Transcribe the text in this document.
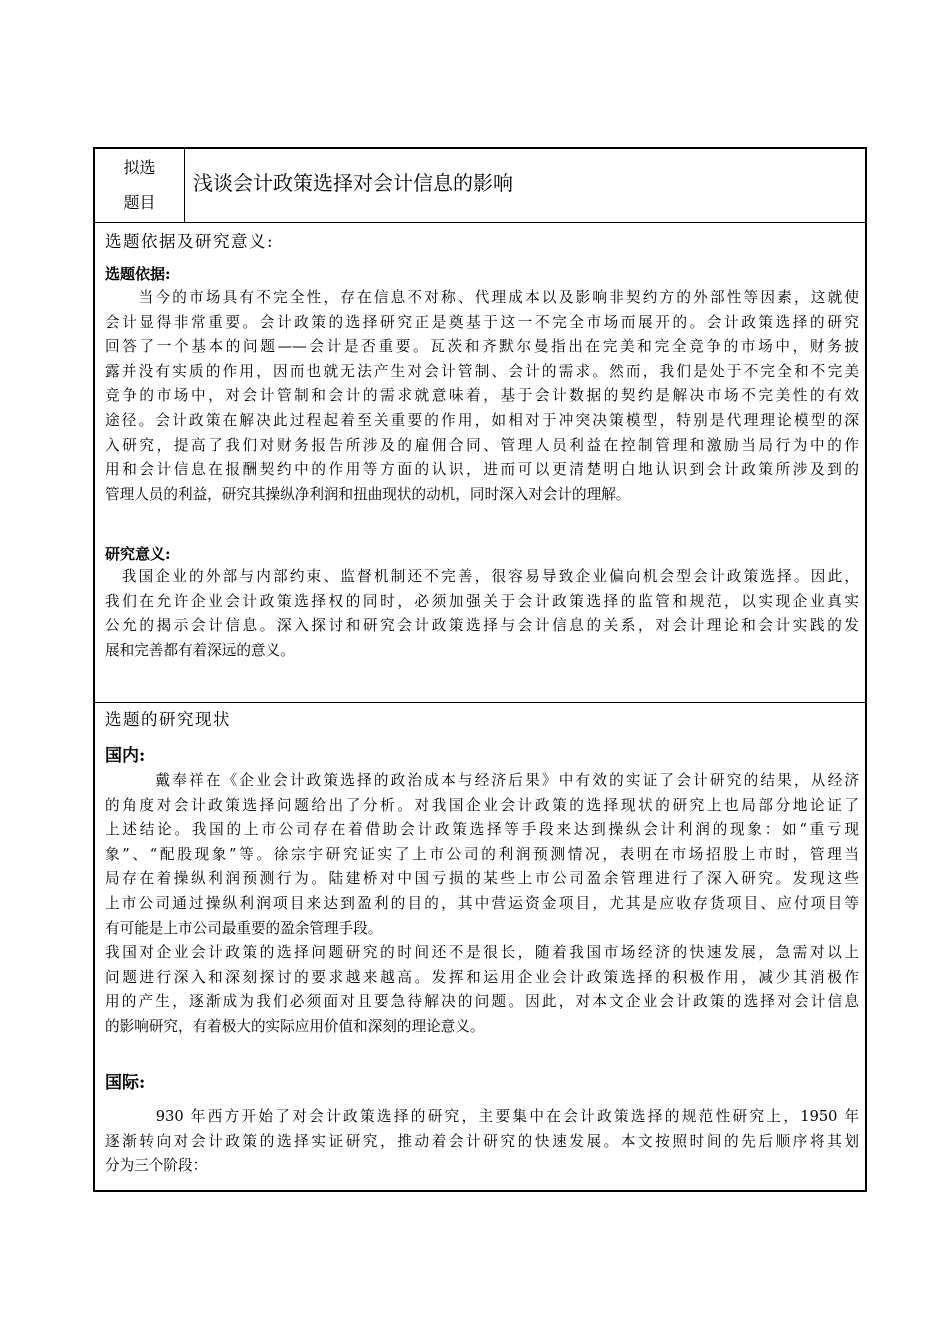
拟选
题目
浅谈会计政策选择对会计信息的影响
选题依据及研究意义:
选题依据:
　　当今的市场具有不完全性，存在信息不对称、代理成本以及影响非契约方的外部性等因素，这就使
会计显得非常重要。会计政策的选择研究正是奠基于这一不完全市场而展开的。会计政策选择的研究
回答了一个基本的问题——会计是否重要。瓦茨和齐默尔曼指出在完美和完全竞争的市场中，财务披
露并没有实质的作用，因而也就无法产生对会计管制、会计的需求。然而，我们是处于不完全和不完美
竞争的市场中，对会计管制和会计的需求就意味着，基于会计数据的契约是解决市场不完美性的有效
途径。会计政策在解决此过程起着至关重要的作用，如相对于冲突决策模型，特别是代理理论模型的深
入研究，提高了我们对财务报告所涉及的雇佣合同、管理人员利益在控制管理和激励当局行为中的作
用和会计信息在报酬契约中的作用等方面的认识，进而可以更清楚明白地认识到会计政策所涉及到的
管理人员的利益，研究其操纵净利润和扭曲现状的动机，同时深入对会计的理解。
研究意义:
　我国企业的外部与内部约束、监督机制还不完善，很容易导致企业偏向机会型会计政策选择。因此，
我们在允许企业会计政策选择权的同时，必须加强关于会计政策选择的监管和规范，以实现企业真实
公允的揭示会计信息。深入探讨和研究会计政策选择与会计信息的关系，对会计理论和会计实践的发
展和完善都有着深远的意义。
选题的研究现状
国内:
　　　戴奉祥在《企业会计政策选择的政治成本与经济后果》中有效的实证了会计研究的结果，从经济
的角度对会计政策选择问题给出了分析。对我国企业会计政策的选择现状的研究上也局部分地论证了
上述结论。我国的上市公司存在着借助会计政策选择等手段来达到操纵会计利润的现象：如“重亏现
象”、“配股现象”等。徐宗宇研究证实了上市公司的利润预测情况，表明在市场招股上市时，管理当
局存在着操纵利润预测行为。陆建桥对中国亏损的某些上市公司盈余管理进行了深入研究。发现这些
上市公司通过操纵利润项目来达到盈利的目的，其中营运资金项目，尤其是应收存货项目、应付项目等
有可能是上市公司最重要的盈余管理手段。
我国对企业会计政策的选择问题研究的时间还不是很长，随着我国市场经济的快速发展，急需对以上
问题进行深入和深刻探讨的要求越来越高。发挥和运用企业会计政策选择的积极作用，减少其消极作
用的产生，逐渐成为我们必须面对且要急待解决的问题。因此，对本文企业会计政策的选择对会计信息
的影响研究，有着极大的实际应用价值和深刻的理论意义。
国际:
　　　930 年西方开始了对会计政策选择的研究，主要集中在会计政策选择的规范性研究上，1950 年
逐渐转向对会计政策的选择实证研究，推动着会计研究的快速发展。本文按照时间的先后顺序将其划
分为三个阶段：
